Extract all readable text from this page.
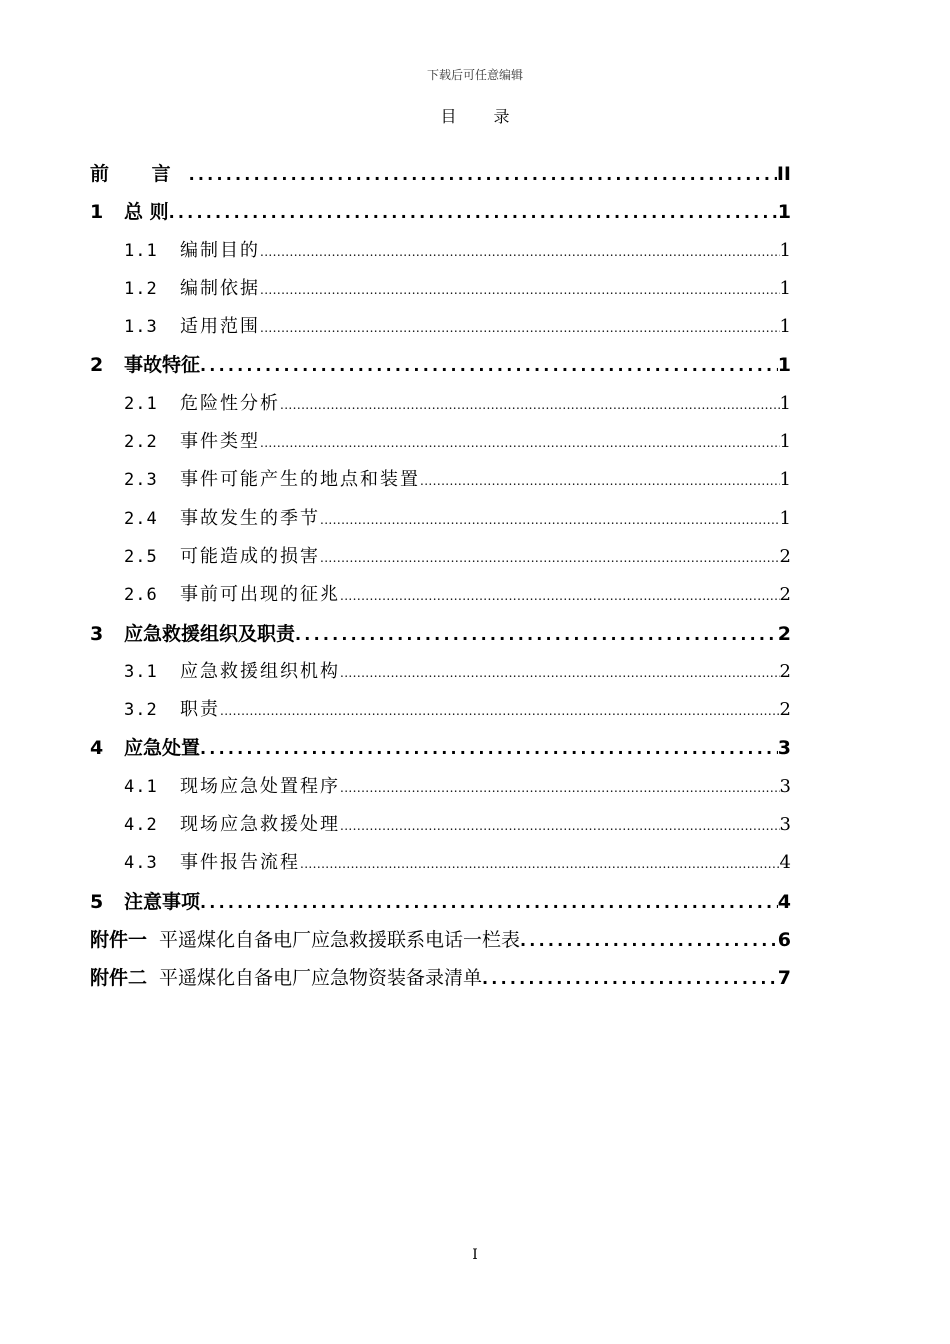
下载后可任意编辑
目 录
前 言 .....	II
1	总 则 .....	1
1.1	编制目的 .....	1
1.2	编制依据 .....	1
1.3	适用范围 .....	1
2	事故特征 .....	1
2.1	危险性分析 .....	1
2.2	事件类型 .....	1
2.3	事件可能产生的地点和装置 .....	1
2.4	事故发生的季节 .....	1
2.5	可能造成的损害 .....	2
2.6	事前可出现的征兆 .....	2
3	应急救援组织及职责 .....	2
3.1	应急救援组织机构 .....	2
3.2	职责 .....	2
4	应急处置 .....	3
4.1	现场应急处置程序 .....	3
4.2	现场应急救援处理 .....	3
4.3	事件报告流程 .....	4
5	注意事项 .....	4
附件一 平遥煤化自备电厂应急救援联系电话一栏表 .....	6
附件二 平遥煤化自备电厂应急物资装备录清单 .....	7
I
